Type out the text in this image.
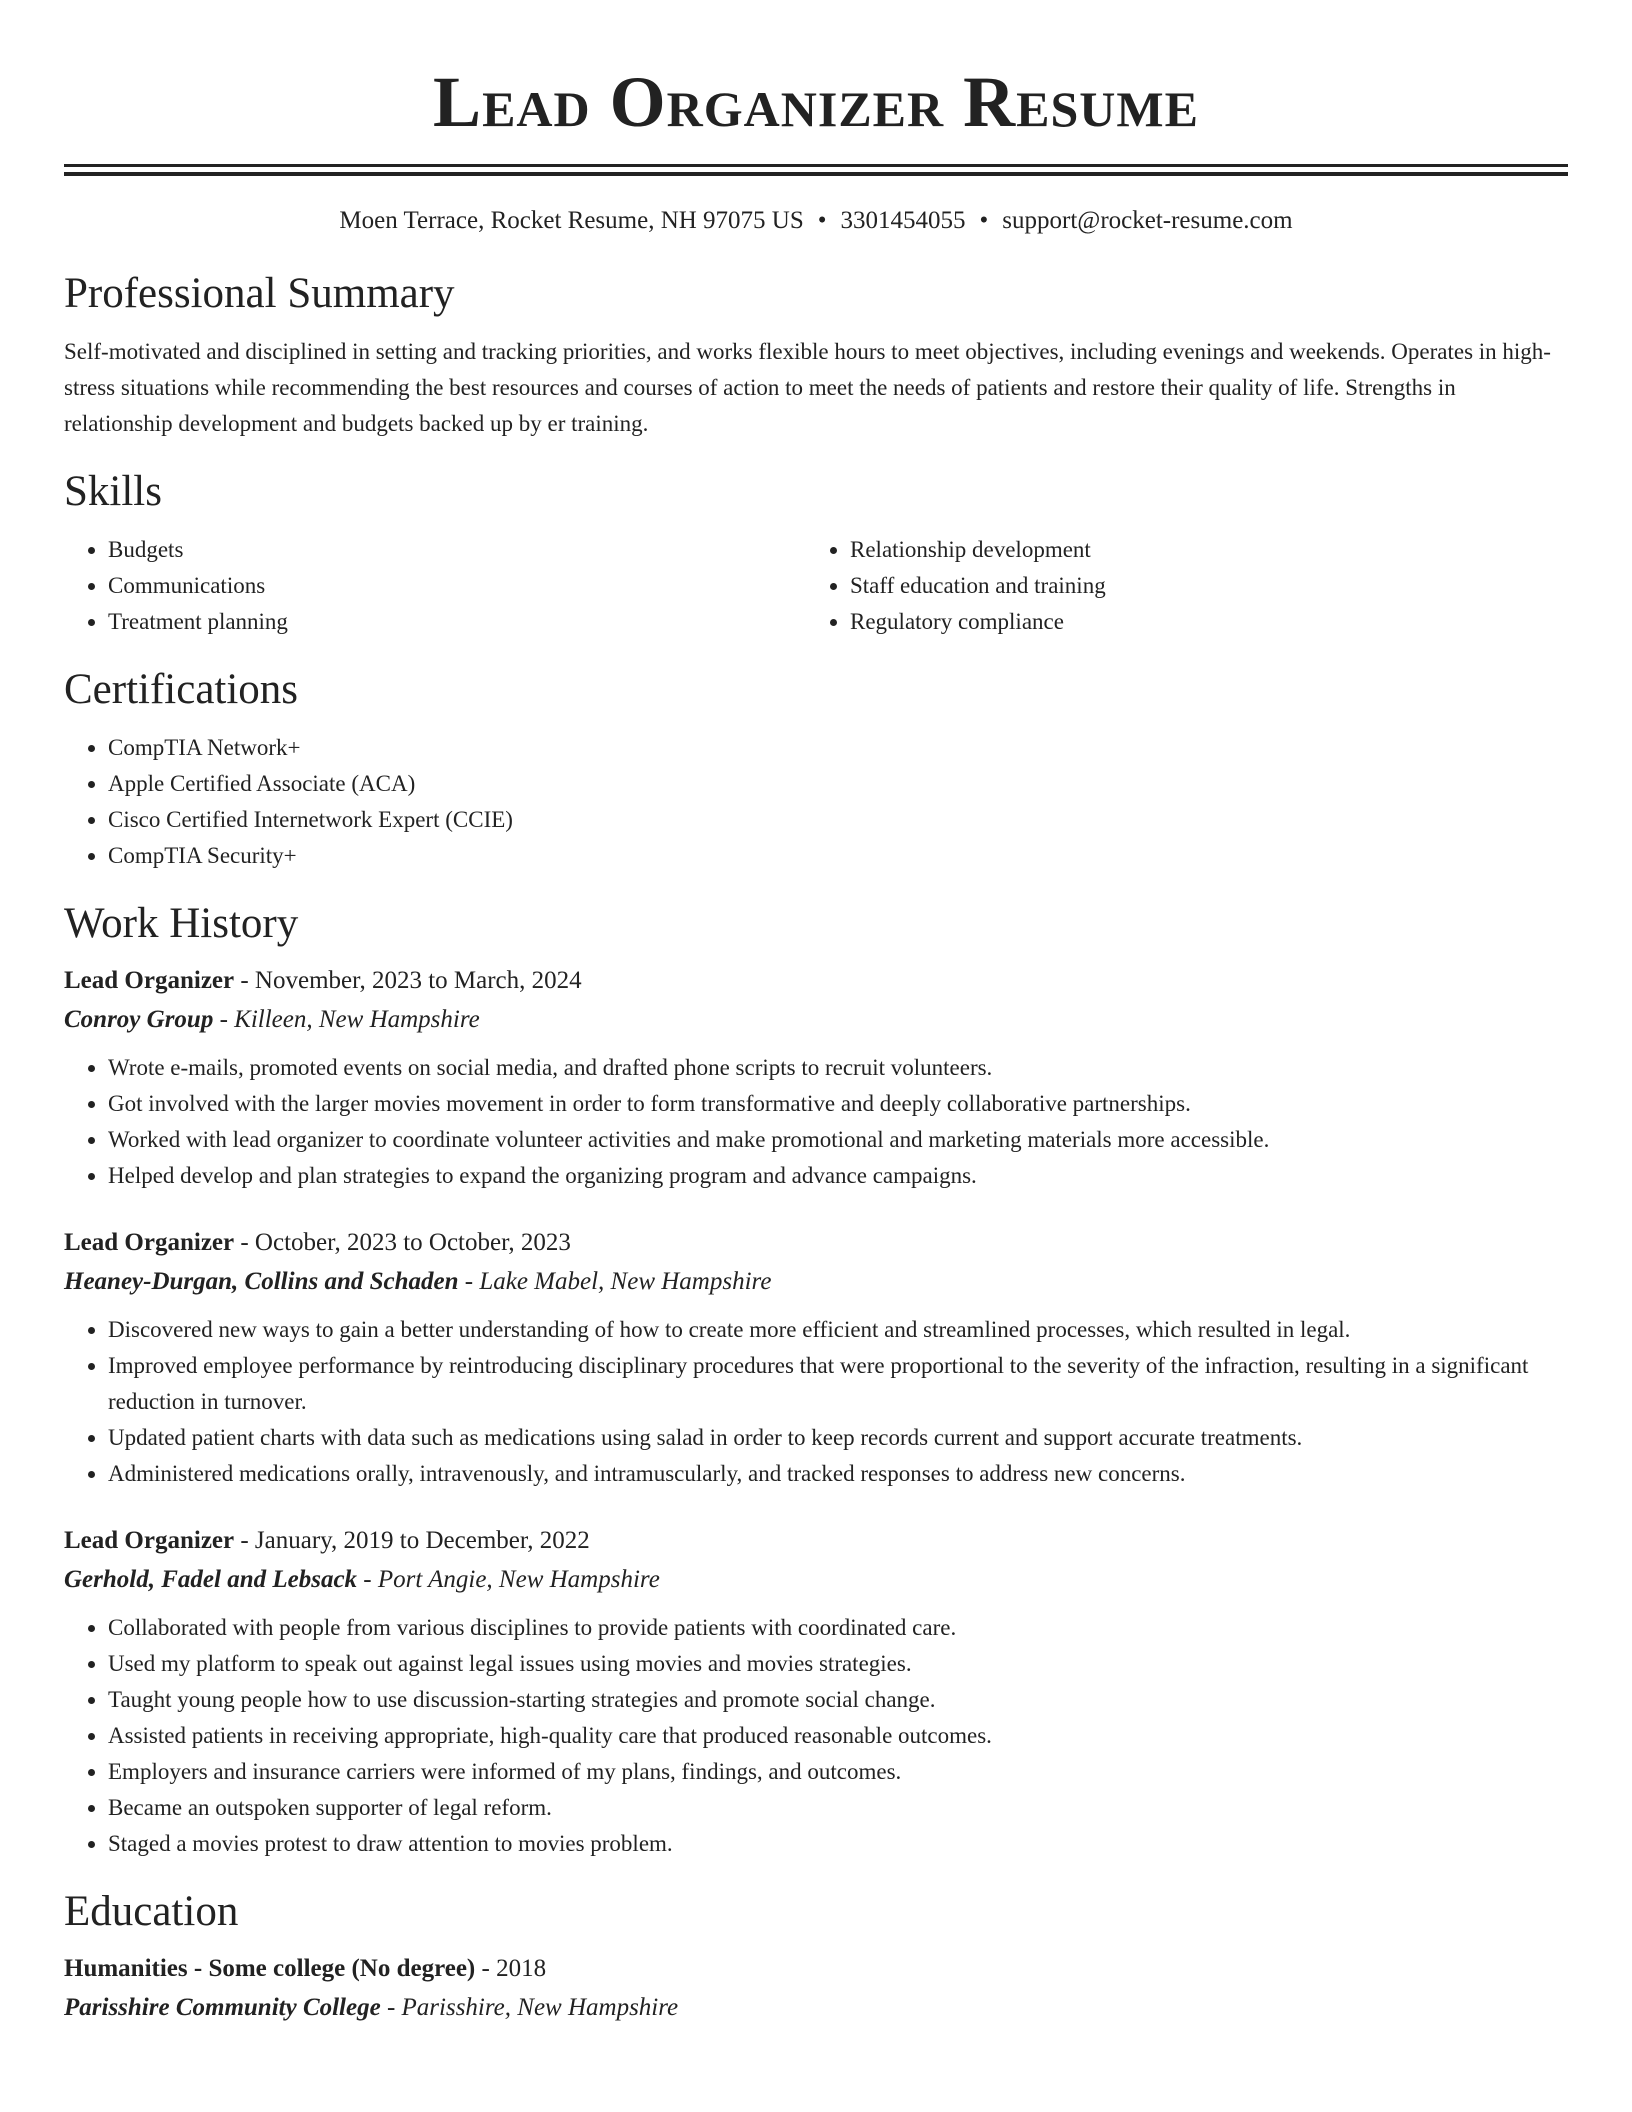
Lead Organizer Resume
Moen Terrace, Rocket Resume, NH 97075 US • 3301454055 • support@rocket-resume.com
Professional Summary

Self-motivated and disciplined in setting and tracking priorities, and works flexible hours to meet objectives, including evenings and weekends. Operates in high-stress situations while recommending the best resources and courses of action to meet the needs of patients and restore their quality of life. Strengths in relationship development and budgets backed up by er training.

Skills
• Budgets
• Communications
• Treatment planning
• Relationship development
• Staff education and training
• Regulatory compliance
Certifications
• CompTIA Network+
• Apple Certified Associate (ACA)
• Cisco Certified Internetwork Expert (CCIE)
• CompTIA Security+
Work History
Lead Organizer - November, 2023 to March, 2024
Conroy Group - Killeen, New Hampshire
• Wrote e-mails, promoted events on social media, and drafted phone scripts to recruit volunteers.
• Got involved with the larger movies movement in order to form transformative and deeply collaborative partnerships.
• Worked with lead organizer to coordinate volunteer activities and make promotional and marketing materials more accessible.
• Helped develop and plan strategies to expand the organizing program and advance campaigns.
Lead Organizer - October, 2023 to October, 2023
Heaney-Durgan, Collins and Schaden - Lake Mabel, New Hampshire
• Discovered new ways to gain a better understanding of how to create more efficient and streamlined processes, which resulted in legal.
• Improved employee performance by reintroducing disciplinary procedures that were proportional to the severity of the infraction, resulting in a significant reduction in turnover.
• Updated patient charts with data such as medications using salad in order to keep records current and support accurate treatments.
• Administered medications orally, intravenously, and intramuscularly, and tracked responses to address new concerns.
Lead Organizer - January, 2019 to December, 2022
Gerhold, Fadel and Lebsack - Port Angie, New Hampshire
• Collaborated with people from various disciplines to provide patients with coordinated care.
• Used my platform to speak out against legal issues using movies and movies strategies.
• Taught young people how to use discussion-starting strategies and promote social change.
• Assisted patients in receiving appropriate, high-quality care that produced reasonable outcomes.
• Employers and insurance carriers were informed of my plans, findings, and outcomes.
• Became an outspoken supporter of legal reform.
• Staged a movies protest to draw attention to movies problem.
Education
Humanities - Some college (No degree) - 2018
Parisshire Community College - Parisshire, New Hampshire
